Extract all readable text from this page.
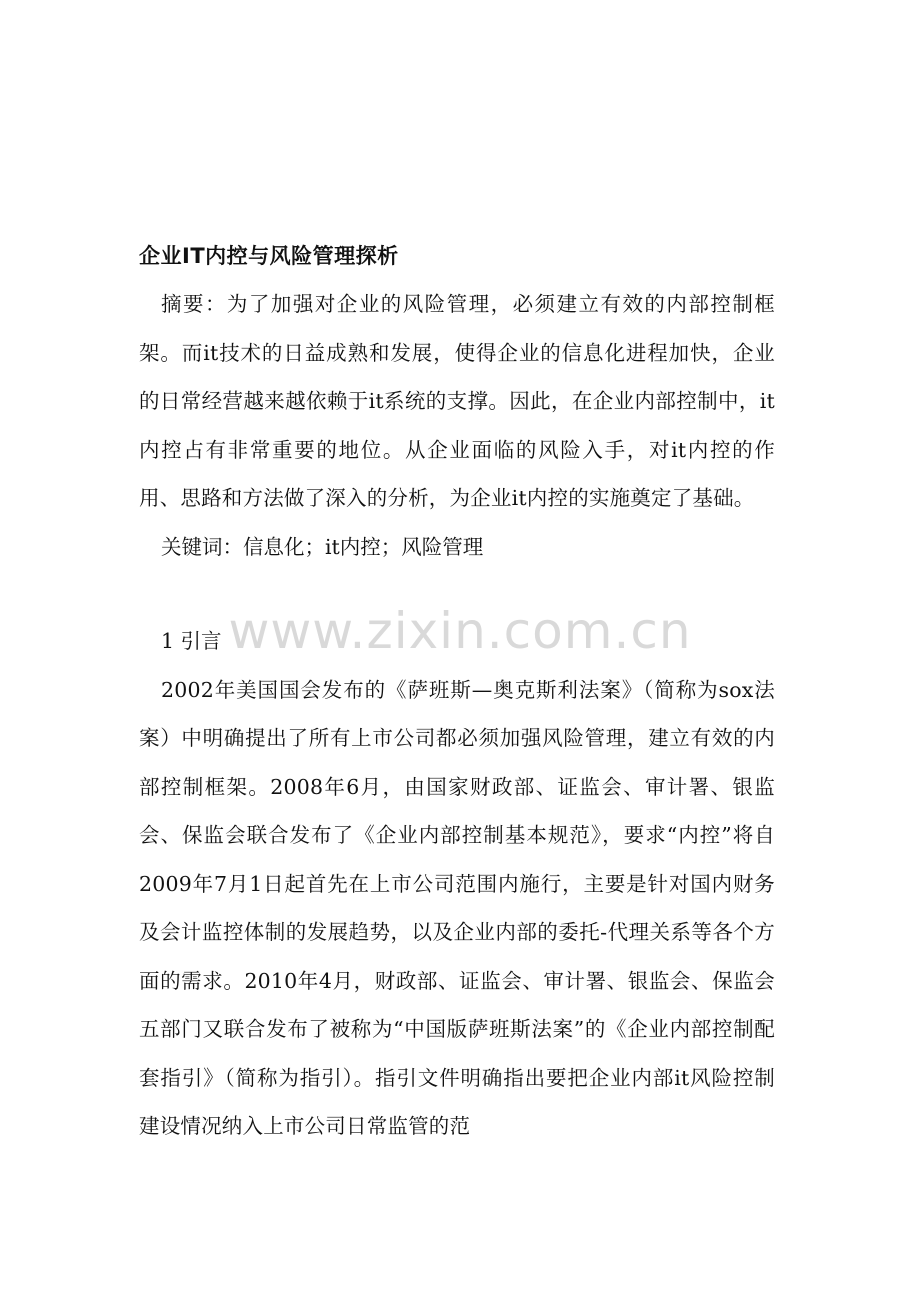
www.zixin.com.cn
企业IT内控与风险管理探析

摘要：为了加强对企业的风险管理，必须建立有效的内部控制框架。而it技术的日益成熟和发展，使得企业的信息化进程加快，企业的日常经营越来越依赖于it系统的支撑。因此，在企业内部控制中，it内控占有非常重要的地位。从企业面临的风险入手，对it内控的作用、思路和方法做了深入的分析，为企业it内控的实施奠定了基础。

关键词：信息化；it内控；风险管理

1 引言

2002年美国国会发布的《萨班斯—奥克斯利法案》（简称为sox法案）中明确提出了所有上市公司都必须加强风险管理，建立有效的内部控制框架。2008年6月，由国家财政部、证监会、审计署、银监会、保监会联合发布了《企业内部控制基本规范》，要求“内控”将自2009年7月1日起首先在上市公司范围内施行，主要是针对国内财务及会计监控体制的发展趋势，以及企业内部的委托-代理关系等各个方面的需求。2010年4月，财政部、证监会、审计署、银监会、保监会五部门又联合发布了被称为“中国版萨班斯法案”的《企业内部控制配套指引》（简称为指引）。指引文件明确指出要把企业内部it风险控制建设情况纳入上市公司日常监管的范
